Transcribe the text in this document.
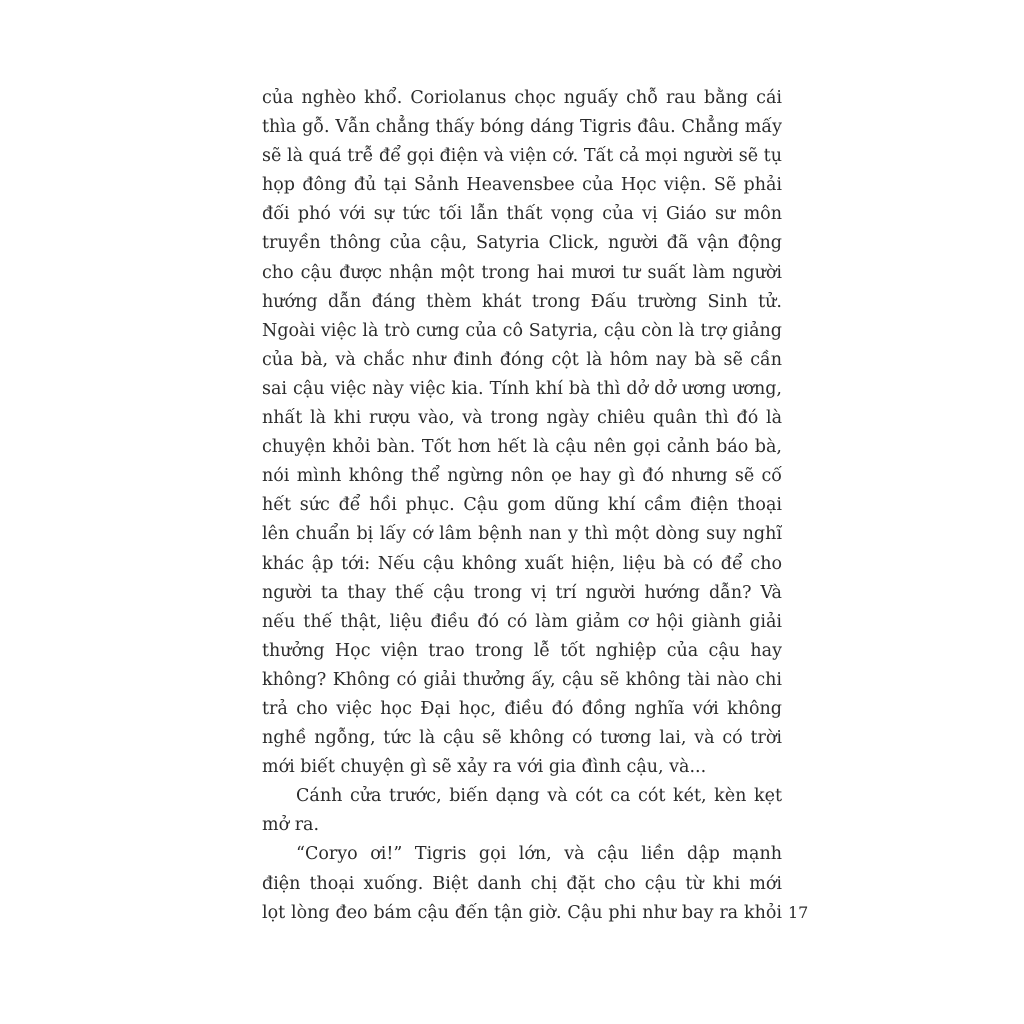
của nghèo khổ. Coriolanus chọc nguấy chỗ rau bằng cái
thìa gỗ. Vẫn chẳng thấy bóng dáng Tigris đâu. Chẳng mấy
sẽ là quá trễ để gọi điện và viện cớ. Tất cả mọi người sẽ tụ
họp đông đủ tại Sảnh Heavensbee của Học viện. Sẽ phải
đối phó với sự tức tối lẫn thất vọng của vị Giáo sư môn
truyền thông của cậu, Satyria Click, người đã vận động
cho cậu được nhận một trong hai mươi tư suất làm người
hướng dẫn đáng thèm khát trong Đấu trường Sinh tử.
Ngoài việc là trò cưng của cô Satyria, cậu còn là trợ giảng
của bà, và chắc như đinh đóng cột là hôm nay bà sẽ cần
sai cậu việc này việc kia. Tính khí bà thì dở dở ương ương,
nhất là khi rượu vào, và trong ngày chiêu quân thì đó là
chuyện khỏi bàn. Tốt hơn hết là cậu nên gọi cảnh báo bà,
nói mình không thể ngừng nôn ọe hay gì đó nhưng sẽ cố
hết sức để hồi phục. Cậu gom dũng khí cầm điện thoại
lên chuẩn bị lấy cớ lâm bệnh nan y thì một dòng suy nghĩ
khác ập tới: Nếu cậu không xuất hiện, liệu bà có để cho
người ta thay thế cậu trong vị trí người hướng dẫn? Và
nếu thế thật, liệu điều đó có làm giảm cơ hội giành giải
thưởng Học viện trao trong lễ tốt nghiệp của cậu hay
không? Không có giải thưởng ấy, cậu sẽ không tài nào chi
trả cho việc học Đại học, điều đó đồng nghĩa với không
nghề ngỗng, tức là cậu sẽ không có tương lai, và có trời
mới biết chuyện gì sẽ xảy ra với gia đình cậu, và...
Cánh cửa trước, biến dạng và cót ca cót két, kèn kẹt
mở ra.
“Coryo ơi!” Tigris gọi lớn, và cậu liền dập mạnh
điện thoại xuống. Biệt danh chị đặt cho cậu từ khi mới
lọt lòng đeo bám cậu đến tận giờ. Cậu phi như bay ra khỏi 17
